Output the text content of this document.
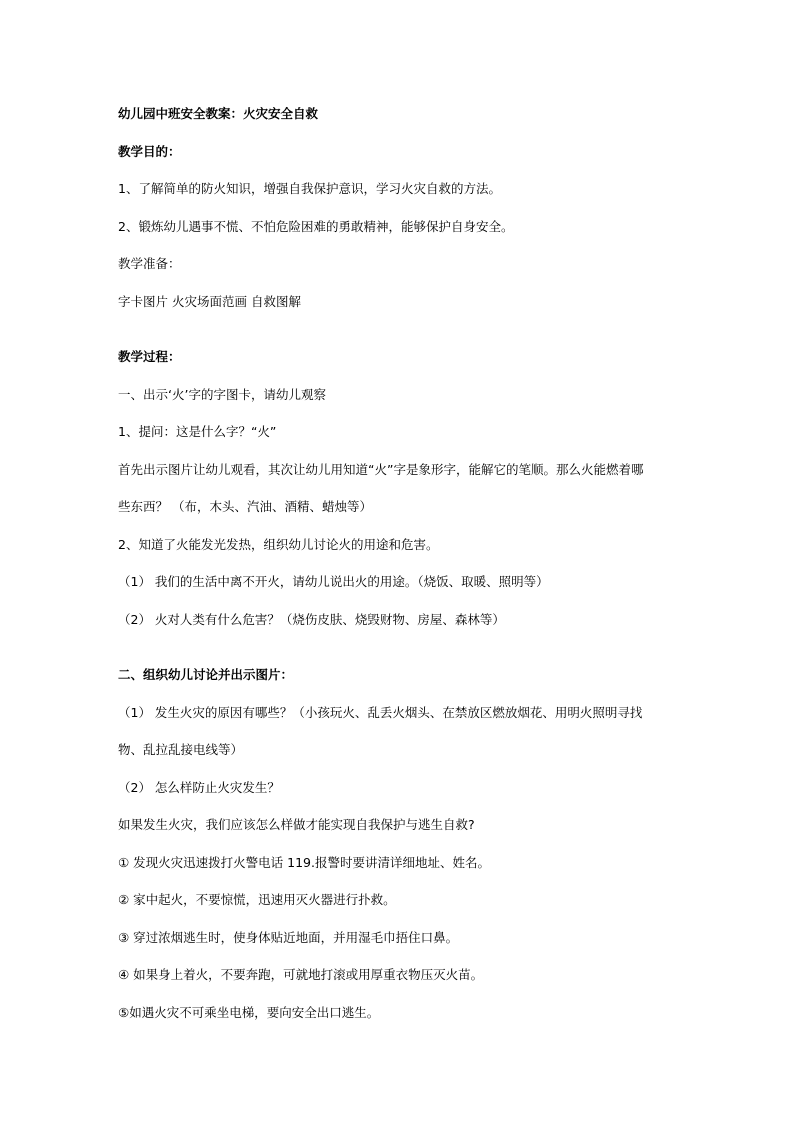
幼儿园中班安全教案：火灾安全自救
教学目的：
1、了解简单的防火知识，增强自我保护意识，学习火灾自救的方法。
2、锻炼幼儿遇事不慌、不怕危险困难的勇敢精神，能够保护自身安全。
教学准备：
字卡图片 火灾场面范画 自救图解
教学过程：
一、出示‘火’字的字图卡，请幼儿观察
1、提问：这是什么字？“火”
首先出示图片让幼儿观看，其次让幼儿用知道“火”字是象形字，能解它的笔顺。那么火能燃着哪
些东西？ （布，木头、汽油、酒精、蜡烛等）
2、知道了火能发光发热，组织幼儿讨论火的用途和危害。
（1） 我们的生活中离不开火，请幼儿说出火的用途。（烧饭、取暖、照明等）
（2） 火对人类有什么危害？（烧伤皮肤、烧毁财物、房屋、森林等）
二、组织幼儿讨论并出示图片：
（1） 发生火灾的原因有哪些？（小孩玩火、乱丢火烟头、在禁放区燃放烟花、用明火照明寻找
物、乱拉乱接电线等）
（2） 怎么样防止火灾发生？
如果发生火灾，我们应该怎么样做才能实现自我保护与逃生自救?
① 发现火灾迅速拨打火警电话 119.报警时要讲清详细地址、姓名。
② 家中起火，不要惊慌，迅速用灭火器进行扑救。
③ 穿过浓烟逃生时，使身体贴近地面，并用湿毛巾捂住口鼻。
④ 如果身上着火，不要奔跑，可就地打滚或用厚重衣物压灭火苗。
⑤如遇火灾不可乘坐电梯，要向安全出口逃生。
